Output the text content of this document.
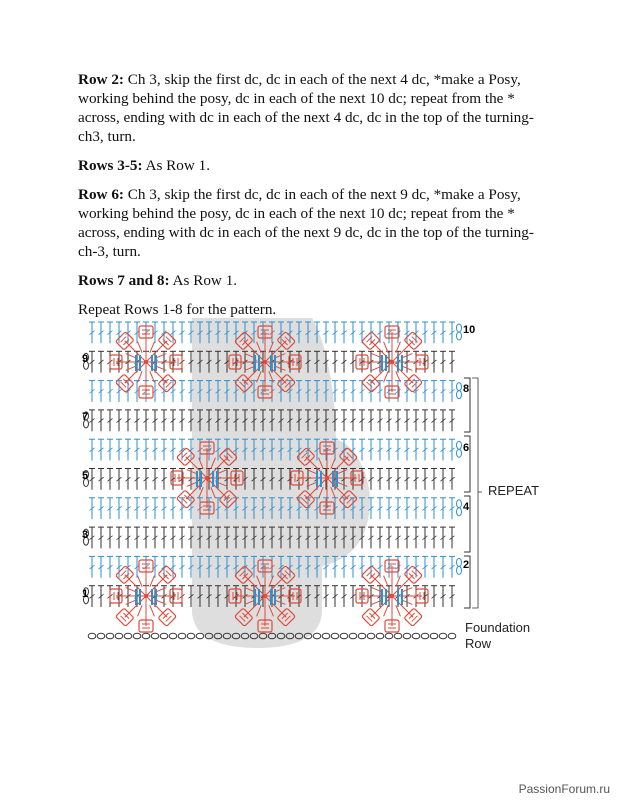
Row 2: Ch 3, skip the first dc, dc in each of the next 4 dc, *make a Posy, working behind the posy, dc in each of the next 10 dc; repeat from the * across, ending with dc in each of the next 4 dc, dc in the top of the turning-ch3, turn.

Rows 3-5: As Row 1.

Row 6: Ch 3, skip the first dc, dc in each of the next 9 dc, *make a Posy, working behind the posy, dc in each of the next 10 dc; repeat from the * across, ending with dc in each of the next 9 dc, dc in the top of the turning-ch-3, turn.

Rows 7 and 8: As Row 1.

Repeat Rows 1-8 for the pattern.

9
7
5
3
1
10
8
6
4
2
REPEAT
Foundation
Row
PassionForum.ru
